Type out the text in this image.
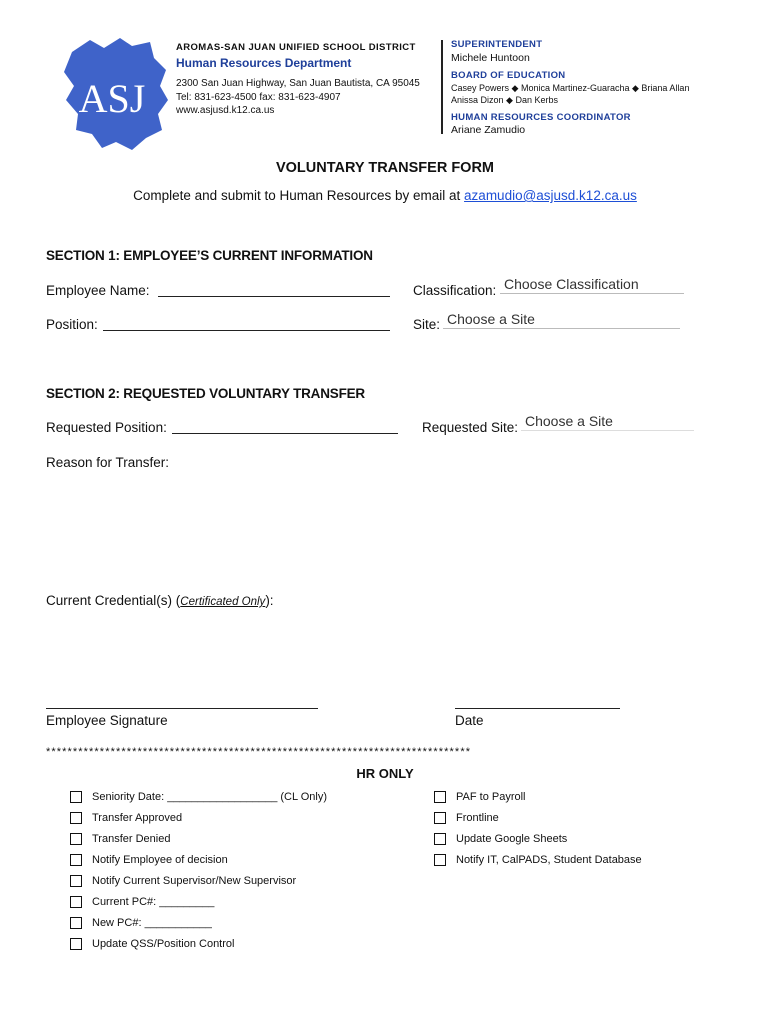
ASJ
AROMAS-SAN JUAN UNIFIED SCHOOL DISTRICT
Human Resources Department
2300 San Juan Highway, San Juan Bautista, CA 95045
Tel: 831-623-4500 fax: 831-623-4907
www.asjusd.k12.ca.us
SUPERINTENDENT
Michele Huntoon
BOARD OF EDUCATION
Casey Powers ◆ Monica Martinez-Guaracha ◆ Briana Allan
Anissa Dizon ◆ Dan Kerbs
HUMAN RESOURCES COORDINATOR
Ariane Zamudio
VOLUNTARY TRANSFER FORM
Complete and submit to Human Resources by email at azamudio@asjusd.k12.ca.us
SECTION 1: EMPLOYEE’S CURRENT INFORMATION
Employee Name:	Classification: Choose Classification
Position:	Site: Choose a Site
SECTION 2: REQUESTED VOLUNTARY TRANSFER
Requested Position:	Requested Site: Choose a Site
Reason for Transfer:
Current Credential(s) (Certificated Only):
Employee Signature	Date
*******************************************************************************
HR ONLY
Seniority Date: __________________ (CL Only)
Transfer Approved
Transfer Denied
Notify Employee of decision
Notify Current Supervisor/New Supervisor
Current PC#: _________
New PC#: ___________
Update QSS/Position Control
PAF to Payroll
Frontline
Update Google Sheets
Notify IT, CalPADS, Student Database
